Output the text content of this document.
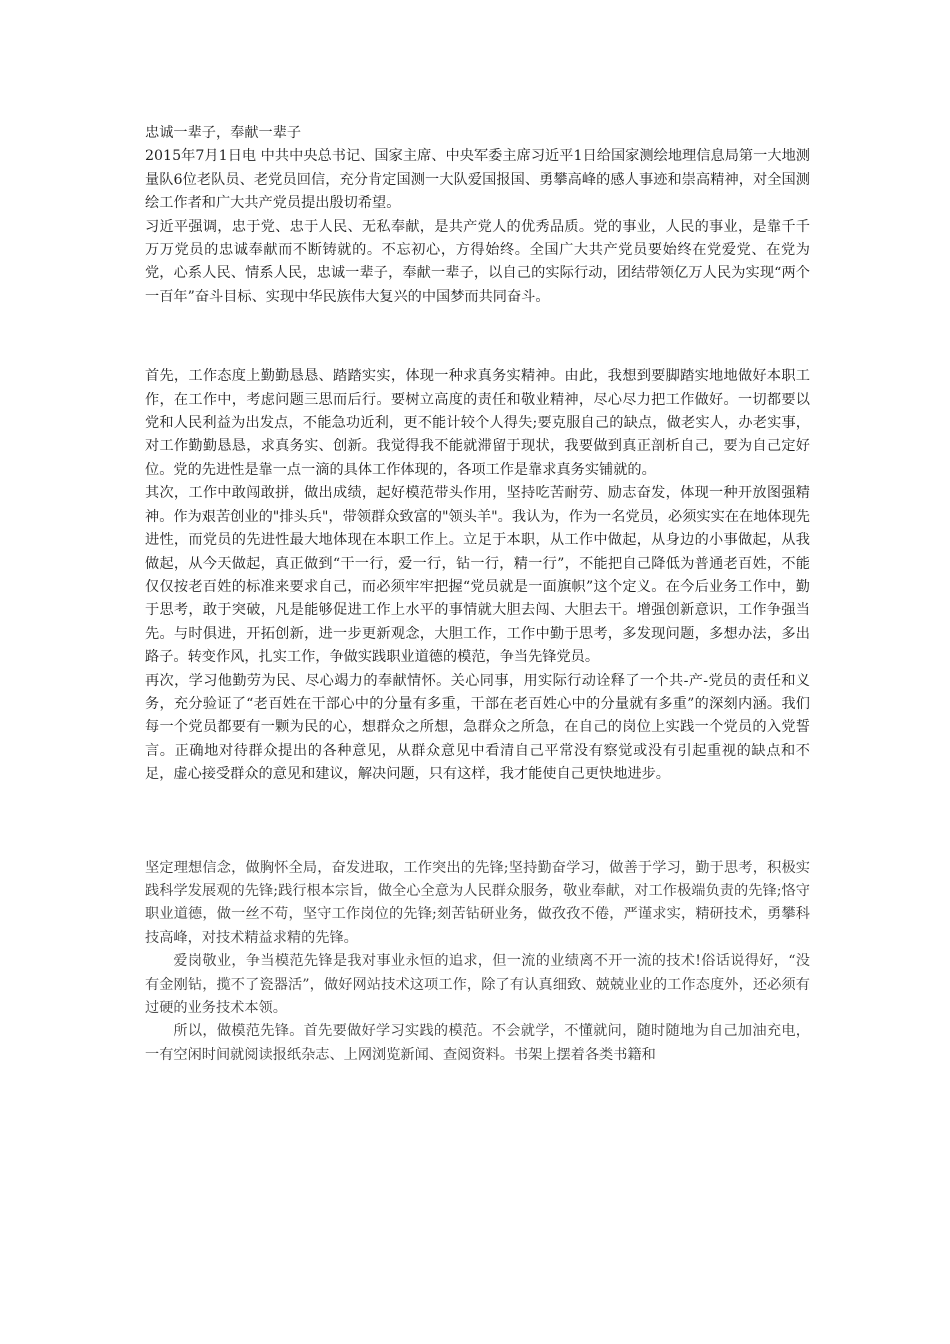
忠诚一辈子，奉献一辈子

2015年7月1日电 中共中央总书记、国家主席、中央军委主席习近平1日给国家测绘地理信息局第一大地测量队6位老队员、老党员回信，充分肯定国测一大队爱国报国、勇攀高峰的感人事迹和崇高精神，对全国测绘工作者和广大共产党员提出殷切希望。

习近平强调，忠于党、忠于人民、无私奉献，是共产党人的优秀品质。党的事业，人民的事业，是靠千千万万党员的忠诚奉献而不断铸就的。不忘初心，方得始终。全国广大共产党员要始终在党爱党、在党为党，心系人民、情系人民，忠诚一辈子，奉献一辈子，以自己的实际行动，团结带领亿万人民为实现“两个一百年”奋斗目标、实现中华民族伟大复兴的中国梦而共同奋斗。

首先，工作态度上勤勤恳恳、踏踏实实，体现一种求真务实精神。由此，我想到要脚踏实地地做好本职工作，在工作中，考虑问题三思而后行。要树立高度的责任和敬业精神，尽心尽力把工作做好。一切都要以党和人民利益为出发点，不能急功近利，更不能计较个人得失;要克服自己的缺点，做老实人，办老实事，对工作勤勤恳恳，求真务实、创新。我觉得我不能就滞留于现状，我要做到真正剖析自己，要为自己定好位。党的先进性是靠一点一滴的具体工作体现的，各项工作是靠求真务实铺就的。

其次，工作中敢闯敢拼，做出成绩，起好模范带头作用，坚持吃苦耐劳、励志奋发，体现一种开放图强精神。作为艰苦创业的"排头兵"，带领群众致富的"领头羊"。我认为，作为一名党员，必须实实在在地体现先进性，而党员的先进性最大地体现在本职工作上。立足于本职，从工作中做起，从身边的小事做起，从我做起，从今天做起，真正做到“干一行，爱一行，钻一行，精一行”，不能把自己降低为普通老百姓，不能仅仅按老百姓的标准来要求自己，而必须牢牢把握“党员就是一面旗帜”这个定义。在今后业务工作中，勤于思考，敢于突破，凡是能够促进工作上水平的事情就大胆去闯、大胆去干。增强创新意识，工作争强当先。与时俱进，开拓创新，进一步更新观念，大胆工作，工作中勤于思考，多发现问题，多想办法，多出路子。转变作风，扎实工作，争做实践职业道德的模范，争当先锋党员。

再次，学习他勤劳为民、尽心竭力的奉献情怀。关心同事，用实际行动诠释了一个共-产-党员的责任和义务，充分验证了“老百姓在干部心中的分量有多重，干部在老百姓心中的分量就有多重”的深刻内涵。我们每一个党员都要有一颗为民的心，想群众之所想，急群众之所急，在自己的岗位上实践一个党员的入党誓言。正确地对待群众提出的各种意见，从群众意见中看清自己平常没有察觉或没有引起重视的缺点和不足，虚心接受群众的意见和建议，解决问题，只有这样，我才能使自己更快地进步。

坚定理想信念，做胸怀全局，奋发进取，工作突出的先锋;坚持勤奋学习，做善于学习，勤于思考，积极实践科学发展观的先锋;践行根本宗旨，做全心全意为人民群众服务，敬业奉献，对工作极端负责的先锋;恪守职业道德，做一丝不苟，坚守工作岗位的先锋;刻苦钻研业务，做孜孜不倦，严谨求实，精研技术，勇攀科技高峰，对技术精益求精的先锋。

爱岗敬业，争当模范先锋是我对事业永恒的追求，但一流的业绩离不开一流的技术!俗话说得好，“没有金刚钻，揽不了瓷器活”，做好网站技术这项工作，除了有认真细致、兢兢业业的工作态度外，还必须有过硬的业务技术本领。

所以，做模范先锋。首先要做好学习实践的模范。不会就学，不懂就问，随时随地为自己加油充电，一有空闲时间就阅读报纸杂志、上网浏览新闻、查阅资料。书架上摆着各类书籍和
